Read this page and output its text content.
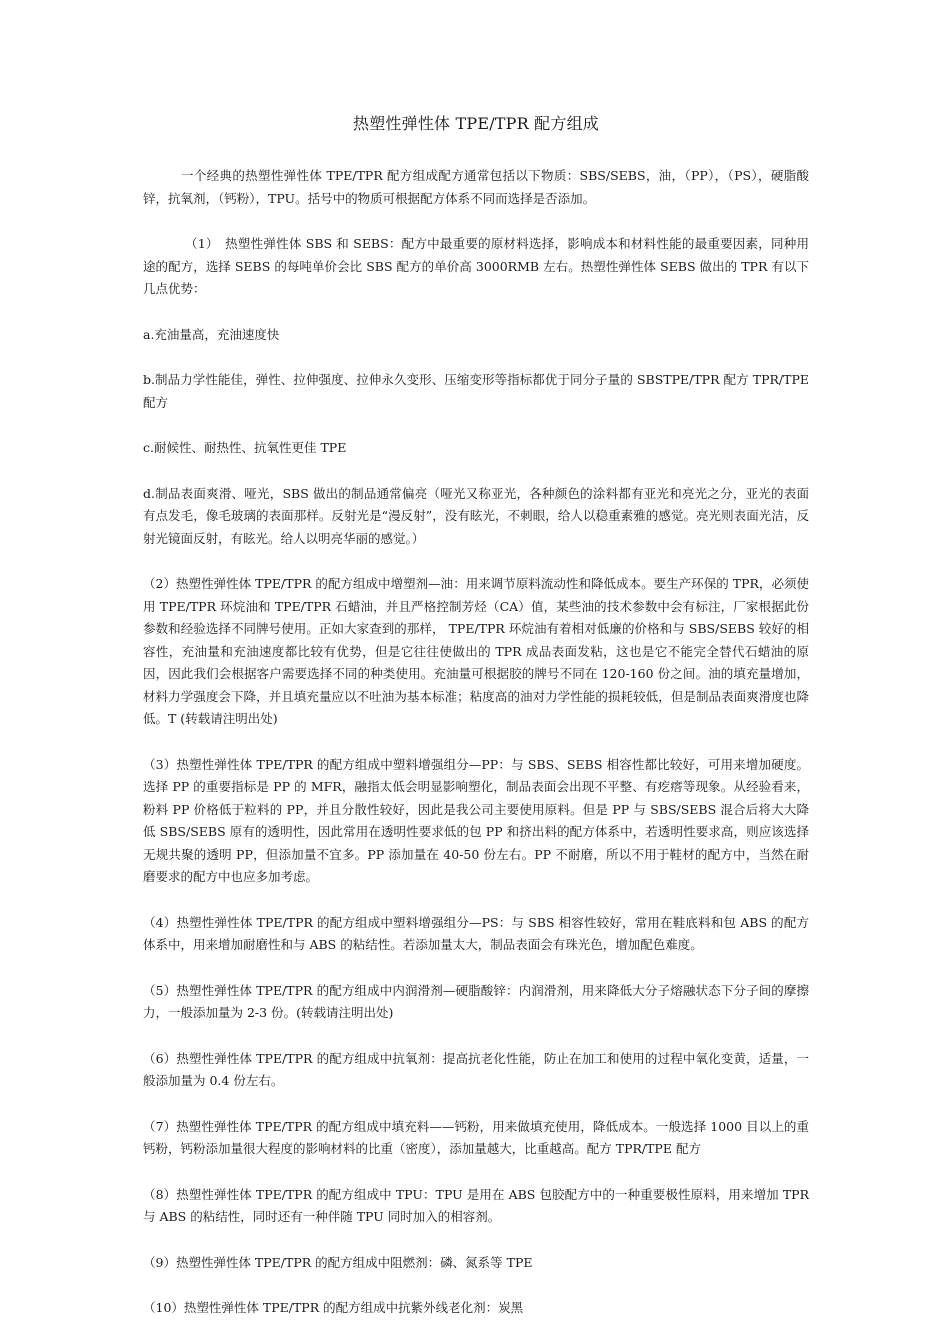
热塑性弹性体 TPE/TPR 配方组成

一个经典的热塑性弹性体 TPE/TPR 配方组成配方通常包括以下物质：SBS/SEBS，油，（PP），（PS），硬脂酸锌，抗氧剂，（钙粉），TPU。括号中的物质可根据配方体系不同而选择是否添加。

（1）　热塑性弹性体 SBS 和 SEBS：配方中最重要的原材料选择，影响成本和材料性能的最重要因素，同种用途的配方，选择 SEBS 的每吨单价会比 SBS 配方的单价高 3000RMB 左右。热塑性弹性体 SEBS 做出的 TPR 有以下几点优势：

a.充油量高，充油速度快

b.制品力学性能佳，弹性、拉伸强度、拉伸永久变形、压缩变形等指标都优于同分子量的 SBSTPE/TPR 配方 TPR/TPE 配方

c.耐候性、耐热性、抗氧性更佳 TPE

d.制品表面爽滑、哑光，SBS 做出的制品通常偏亮（哑光又称亚光，各种颜色的涂料都有亚光和亮光之分，亚光的表面有点发毛，像毛玻璃的表面那样。反射光是“漫反射”，没有眩光，不刺眼，给人以稳重素雅的感觉。亮光则表面光洁，反射光镜面反射，有眩光。给人以明亮华丽的感觉。）

（2）热塑性弹性体 TPE/TPR 的配方组成中增塑剂—油：用来调节原料流动性和降低成本。要生产环保的 TPR，必须使用 TPE/TPR 环烷油和 TPE/TPR 石蜡油，并且严格控制芳烃（CA）值，某些油的技术参数中会有标注，厂家根据此份参数和经验选择不同牌号使用。正如大家查到的那样， TPE/TPR 环烷油有着相对低廉的价格和与 SBS/SEBS 较好的相容性，充油量和充油速度都比较有优势，但是它往往使做出的 TPR 成品表面发粘，这也是它不能完全替代石蜡油的原因，因此我们会根据客户需要选择不同的种类使用。充油量可根据胶的牌号不同在 120-160 份之间。油的填充量增加，材料力学强度会下降，并且填充量应以不吐油为基本标准；粘度高的油对力学性能的损耗较低，但是制品表面爽滑度也降低。T (转载请注明出处)

（3）热塑性弹性体 TPE/TPR 的配方组成中塑料增强组分—PP：与 SBS、SEBS 相容性都比较好，可用来增加硬度。选择 PP 的重要指标是 PP 的 MFR，融指太低会明显影响塑化，制品表面会出现不平整、有疙瘩等现象。从经验看来，粉料 PP 价格低于粒料的 PP，并且分散性较好，因此是我公司主要使用原料。但是 PP 与 SBS/SEBS 混合后将大大降低 SBS/SEBS 原有的透明性，因此常用在透明性要求低的包 PP 和挤出料的配方体系中，若透明性要求高，则应该选择无规共聚的透明 PP，但添加量不宜多。PP 添加量在 40-50 份左右。PP 不耐磨，所以不用于鞋材的配方中，当然在耐磨要求的配方中也应多加考虑。

（4）热塑性弹性体 TPE/TPR 的配方组成中塑料增强组分—PS：与 SBS 相容性较好，常用在鞋底料和包 ABS 的配方体系中，用来增加耐磨性和与 ABS 的粘结性。若添加量太大，制品表面会有珠光色，增加配色难度。

（5）热塑性弹性体 TPE/TPR 的配方组成中内润滑剂—硬脂酸锌：内润滑剂，用来降低大分子熔融状态下分子间的摩擦力，一般添加量为 2-3 份。(转载请注明出处)

（6）热塑性弹性体 TPE/TPR 的配方组成中抗氧剂：提高抗老化性能，防止在加工和使用的过程中氧化变黄，适量，一般添加量为 0.4 份左右。

（7）热塑性弹性体 TPE/TPR 的配方组成中填充料——钙粉，用来做填充使用，降低成本。一般选择 1000 目以上的重钙粉，钙粉添加量很大程度的影响材料的比重（密度），添加量越大，比重越高。配方 TPR/TPE 配方

（8）热塑性弹性体 TPE/TPR 的配方组成中 TPU：TPU 是用在 ABS 包胶配方中的一种重要极性原料，用来增加 TPR 与 ABS 的粘结性，同时还有一种伴随 TPU 同时加入的相容剂。

（9）热塑性弹性体 TPE/TPR 的配方组成中阻燃剂：磷、氮系等 TPE

（10）热塑性弹性体 TPE/TPR 的配方组成中抗紫外线老化剂：炭黑
